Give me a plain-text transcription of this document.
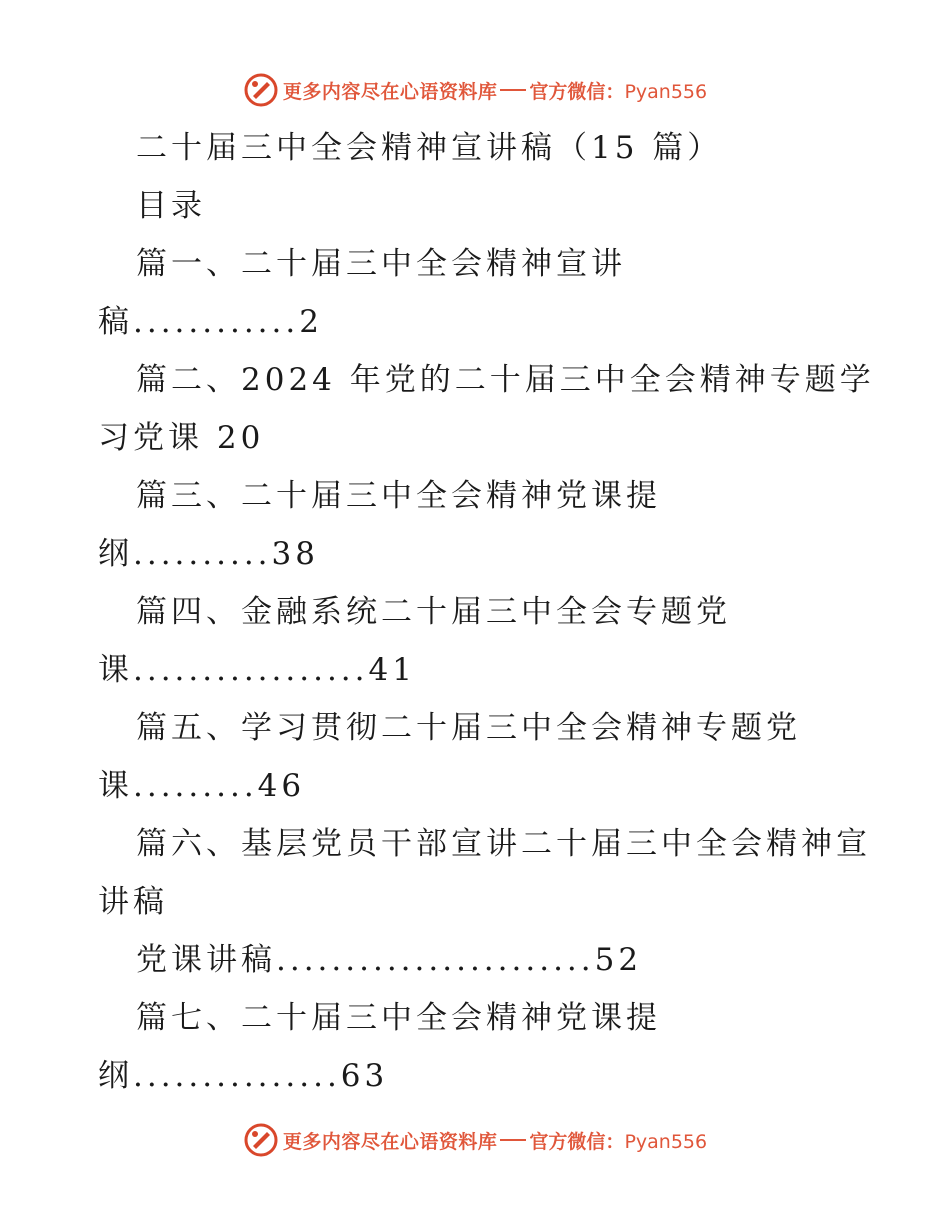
更多内容尽在心语资料库 官方微信：Pyan556
二十届三中全会精神宣讲稿（15 篇）
目录
篇一、二十届三中全会精神宣讲
稿............2
篇二、2024 年党的二十届三中全会精神专题学
习党课 20
篇三、二十届三中全会精神党课提
纲..........38
篇四、金融系统二十届三中全会专题党
课.................41
篇五、学习贯彻二十届三中全会精神专题党
课.........46
篇六、基层党员干部宣讲二十届三中全会精神宣
讲稿
党课讲稿.......................52
篇七、二十届三中全会精神党课提
纲...............63
更多内容尽在心语资料库 官方微信：Pyan556
